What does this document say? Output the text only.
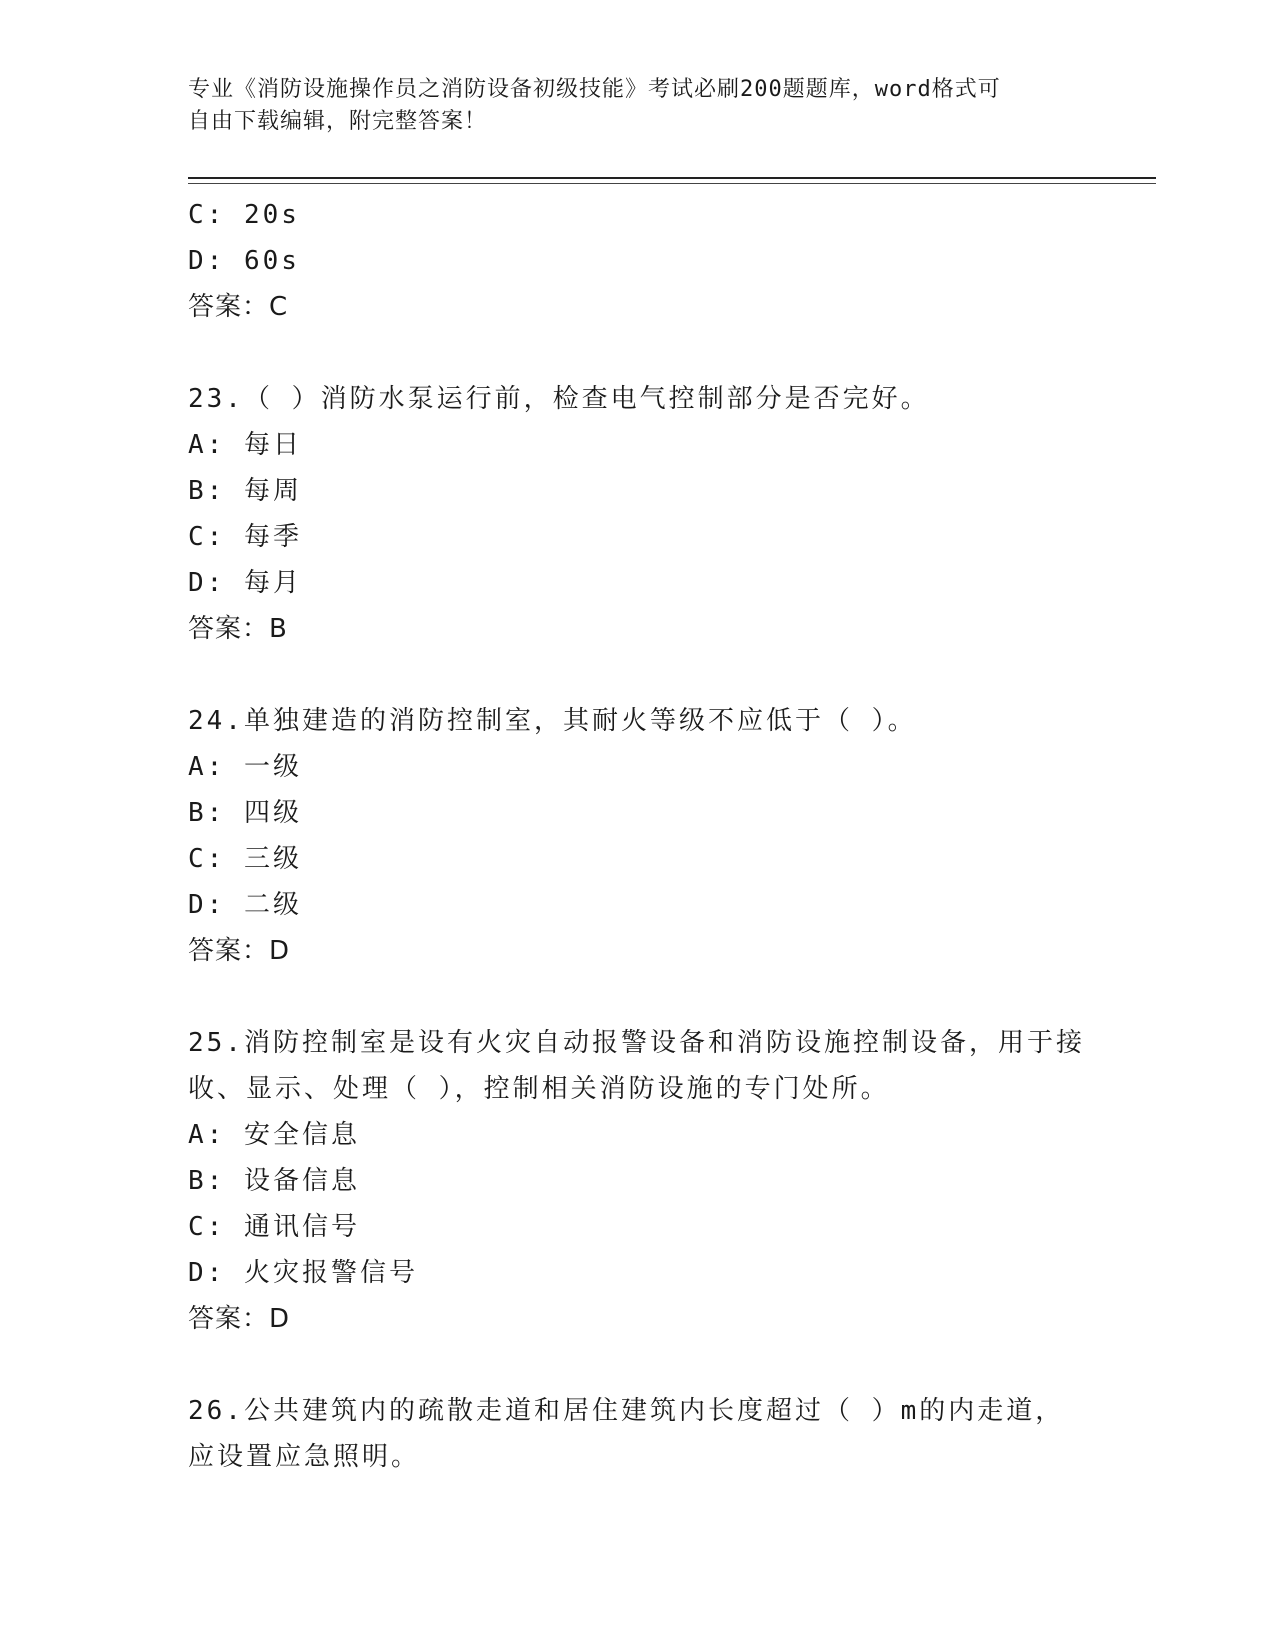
专业《消防设施操作员之消防设备初级技能》考试必刷200题题库，word格式可
自由下载编辑，附完整答案！
C: 20s
D: 60s
答案：C
23.（ ）消防水泵运行前，检查电气控制部分是否完好。
A: 每日
B: 每周
C: 每季
D: 每月
答案：B
24.单独建造的消防控制室，其耐火等级不应低于（ ）。
A: 一级
B: 四级
C: 三级
D: 二级
答案：D
25.消防控制室是设有火灾自动报警设备和消防设施控制设备，用于接
收、显示、处理（ ），控制相关消防设施的专门处所。
A: 安全信息
B: 设备信息
C: 通讯信号
D: 火灾报警信号
答案：D
26.公共建筑内的疏散走道和居住建筑内长度超过（ ）m的内走道，
应设置应急照明。
